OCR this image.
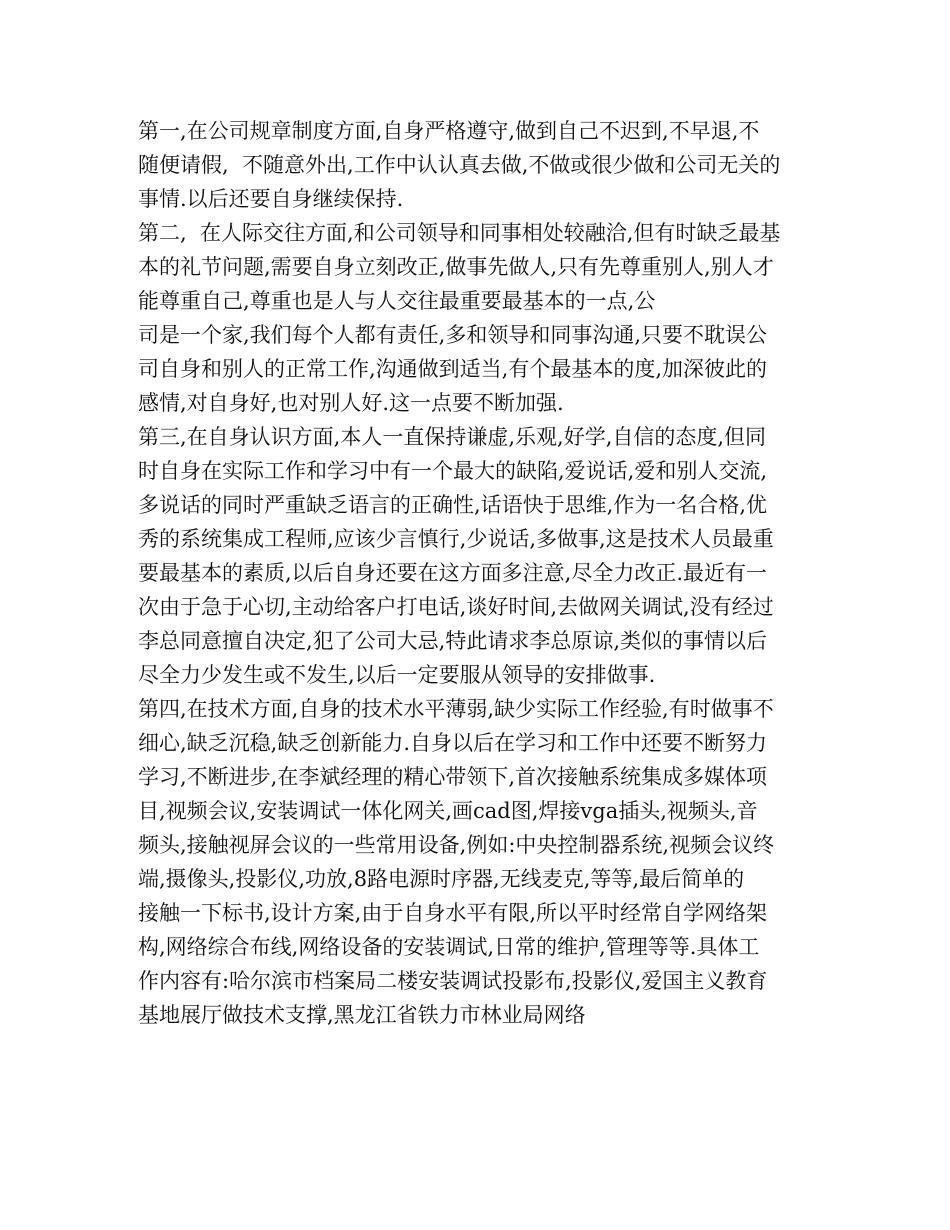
第一,在公司规章制度方面,自身严格遵守,做到自己不迟到,不早退,不
随便请假,  不随意外出,工作中认认真去做,不做或很少做和公司无关的
事情.以后还要自身继续保持.
第二,  在人际交往方面,和公司领导和同事相处较融洽,但有时缺乏最基
本的礼节问题,需要自身立刻改正,做事先做人,只有先尊重别人,别人才
能尊重自己,尊重也是人与人交往最重要最基本的一点,公
司是一个家,我们每个人都有责任,多和领导和同事沟通,只要不耽误公
司自身和别人的正常工作,沟通做到适当,有个最基本的度,加深彼此的
感情,对自身好,也对别人好.这一点要不断加强.
第三,在自身认识方面,本人一直保持谦虚,乐观,好学,自信的态度,但同
时自身在实际工作和学习中有一个最大的缺陷,爱说话,爱和别人交流,
多说话的同时严重缺乏语言的正确性,话语快于思维,作为一名合格,优
秀的系统集成工程师,应该少言慎行,少说话,多做事,这是技术人员最重
要最基本的素质,以后自身还要在这方面多注意,尽全力改正.最近有一
次由于急于心切,主动给客户打电话,谈好时间,去做网关调试,没有经过
李总同意擅自决定,犯了公司大忌,特此请求李总原谅,类似的事情以后
尽全力少发生或不发生,以后一定要服从领导的安排做事.
第四,在技术方面,自身的技术水平薄弱,缺少实际工作经验,有时做事不
细心,缺乏沉稳,缺乏创新能力.自身以后在学习和工作中还要不断努力
学习,不断进步,在李斌经理的精心带领下,首次接触系统集成多媒体项
目,视频会议,安装调试一体化网关,画cad图,焊接vga插头,视频头,音
频头,接触视屏会议的一些常用设备,例如:中央控制器系统,视频会议终
端,摄像头,投影仪,功放,8路电源时序器,无线麦克,等等,最后简单的
接触一下标书,设计方案,由于自身水平有限,所以平时经常自学网络架
构,网络综合布线,网络设备的安装调试,日常的维护,管理等等.具体工
作内容有:哈尔滨市档案局二楼安装调试投影布,投影仪,爱国主义教育
基地展厅做技术支撑,黑龙江省铁力市林业局网络
